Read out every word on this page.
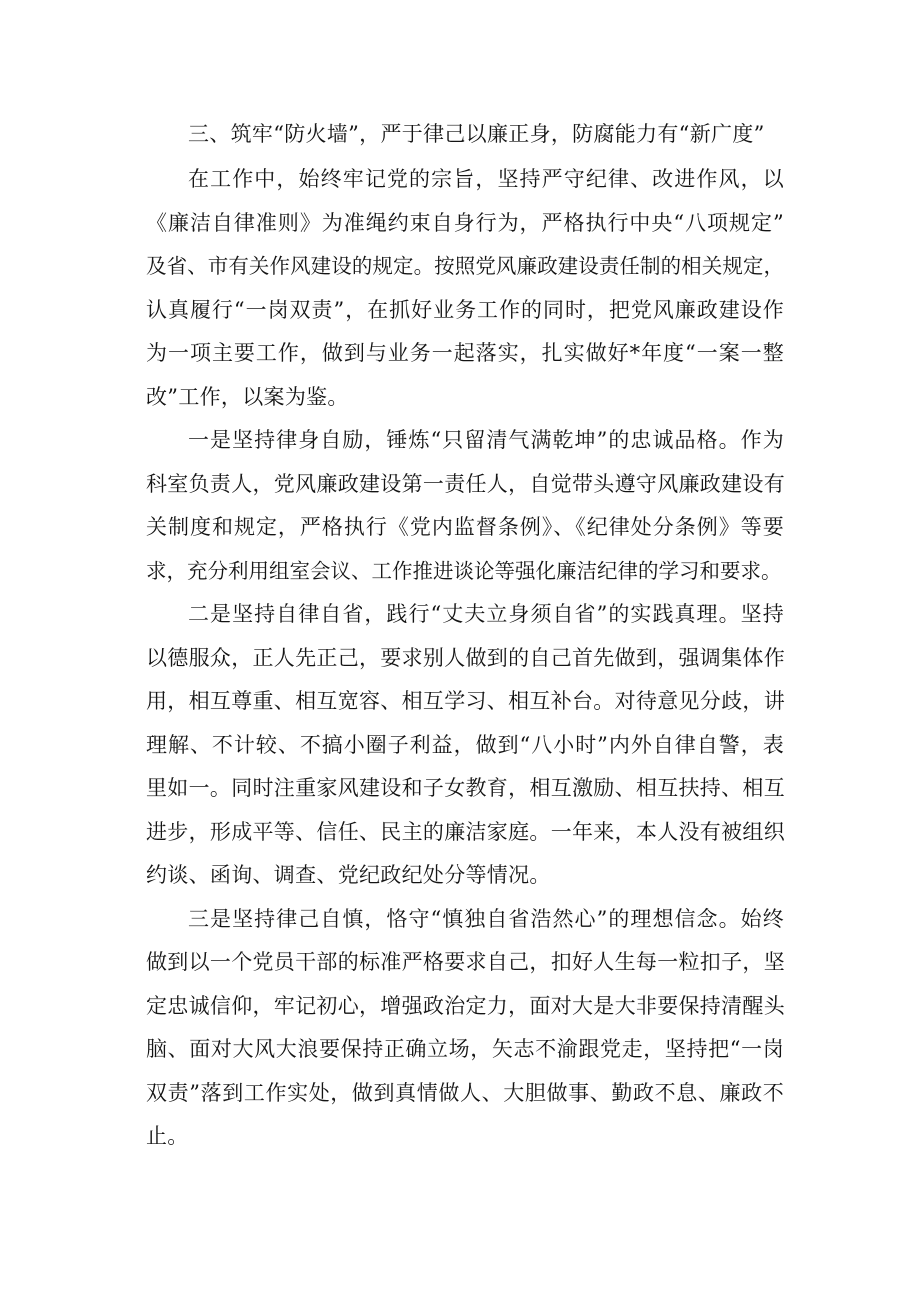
三、筑牢“防火墙”，严于律己以廉正身，防腐能力有“新广度”
在工作中，始终牢记党的宗旨，坚持严守纪律、改进作风，以
《廉洁自律准则》为准绳约束自身行为，严格执行中央“八项规定”
及省、市有关作风建设的规定。按照党风廉政建设责任制的相关规定，
认真履行“一岗双责”，在抓好业务工作的同时，把党风廉政建设作
为一项主要工作，做到与业务一起落实，扎实做好*年度“一案一整
改”工作，以案为鉴。
一是坚持律身自励，锤炼“只留清气满乾坤”的忠诚品格。作为
科室负责人，党风廉政建设第一责任人，自觉带头遵守风廉政建设有
关制度和规定，严格执行《党内监督条例》、《纪律处分条例》等要
求，充分利用组室会议、工作推进谈论等强化廉洁纪律的学习和要求。
二是坚持自律自省，践行“丈夫立身须自省”的实践真理。坚持
以德服众，正人先正己，要求别人做到的自己首先做到，强调集体作
用，相互尊重、相互宽容、相互学习、相互补台。对待意见分歧，讲
理解、不计较、不搞小圈子利益，做到“八小时”内外自律自警，表
里如一。同时注重家风建设和子女教育，相互激励、相互扶持、相互
进步，形成平等、信任、民主的廉洁家庭。一年来，本人没有被组织
约谈、函询、调查、党纪政纪处分等情况。
三是坚持律己自慎，恪守“慎独自省浩然心”的理想信念。始终
做到以一个党员干部的标准严格要求自己，扣好人生每一粒扣子，坚
定忠诚信仰，牢记初心，增强政治定力，面对大是大非要保持清醒头
脑、面对大风大浪要保持正确立场，矢志不渝跟党走，坚持把“一岗
双责”落到工作实处，做到真情做人、大胆做事、勤政不息、廉政不
止。
